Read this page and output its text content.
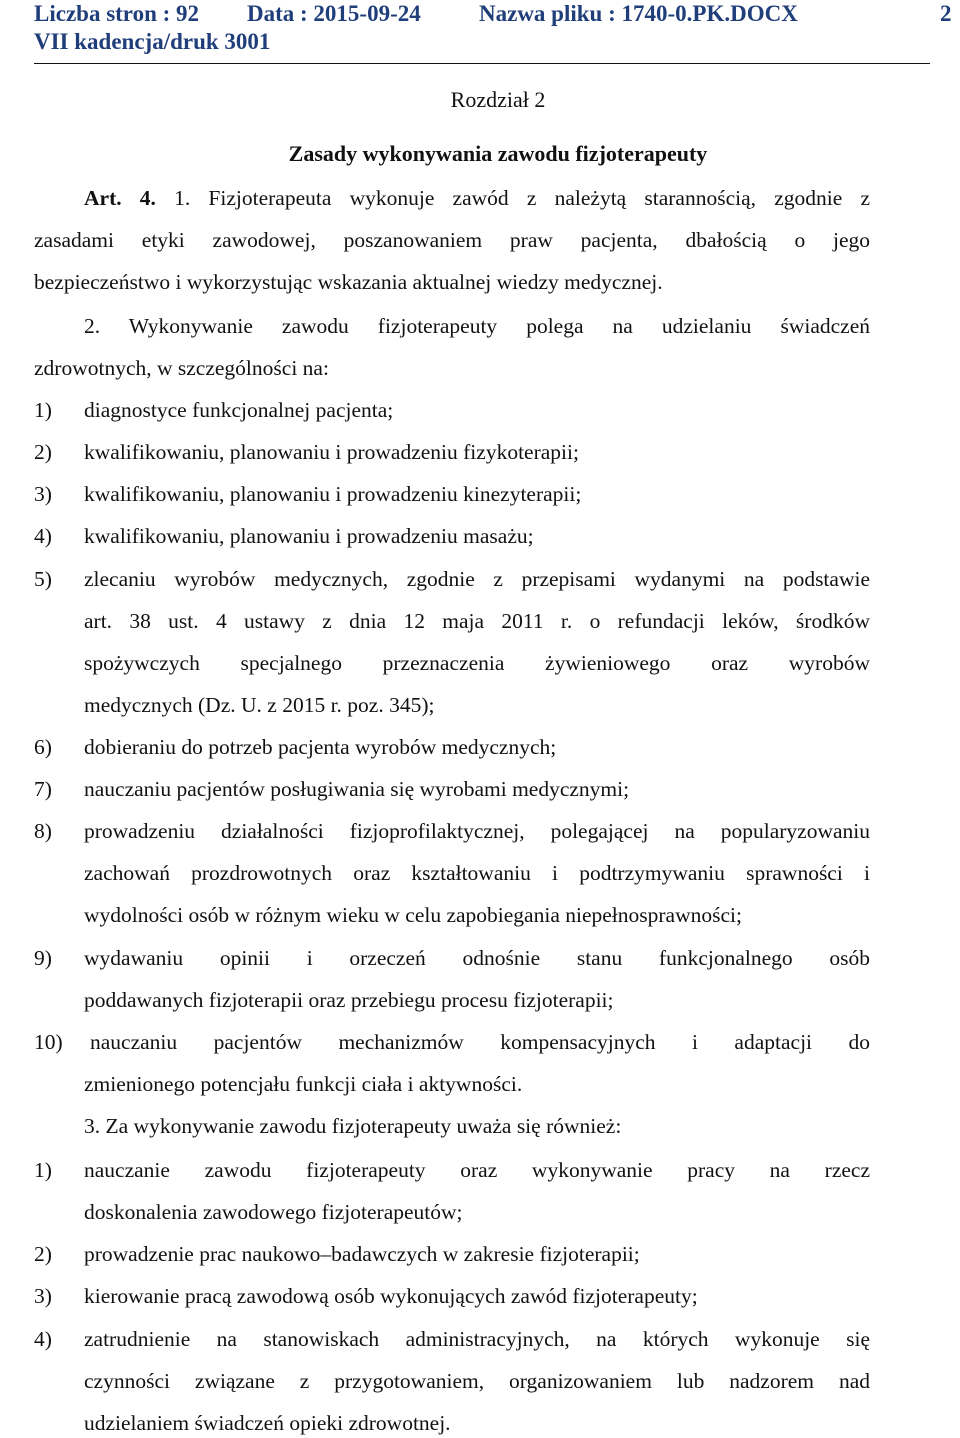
Liczba stron : 92 Data : 2015-09-24	Nazwa pliku : 1740-0.PK.DOCX	2
VII kadencja/druk 3001
Rozdział 2
Zasady wykonywania zawodu fizjoterapeuty
Art. 4. 1. Fizjoterapeuta wykonuje zawód z należytą starannością, zgodnie z
zasadami etyki zawodowej, poszanowaniem praw pacjenta, dbałością o jego
bezpieczeństwo i wykorzystując wskazania aktualnej wiedzy medycznej.
2. Wykonywanie zawodu fizjoterapeuty polega na udzielaniu świadczeń
zdrowotnych, w szczególności na:
1) diagnostyce funkcjonalnej pacjenta;
2) kwalifikowaniu, planowaniu i prowadzeniu fizykoterapii;
3) kwalifikowaniu, planowaniu i prowadzeniu kinezyterapii;
4) kwalifikowaniu, planowaniu i prowadzeniu masażu;
5) zlecaniu wyrobów medycznych, zgodnie z przepisami wydanymi na podstawie
art. 38 ust. 4 ustawy z dnia 12 maja 2011 r. o refundacji leków, środków
spożywczych specjalnego przeznaczenia żywieniowego oraz wyrobów
medycznych (Dz. U. z 2015 r. poz. 345);
6) dobieraniu do potrzeb pacjenta wyrobów medycznych;
7) nauczaniu pacjentów posługiwania się wyrobami medycznymi;
8) prowadzeniu działalności fizjoprofilaktycznej, polegającej na popularyzowaniu
zachowań prozdrowotnych oraz kształtowaniu i podtrzymywaniu sprawności i
wydolności osób w różnym wieku w celu zapobiegania niepełnosprawności;
9) wydawaniu opinii i orzeczeń odnośnie stanu funkcjonalnego osób
poddawanych fizjoterapii oraz przebiegu procesu fizjoterapii;
10) nauczaniu pacjentów mechanizmów kompensacyjnych i adaptacji do
zmienionego potencjału funkcji ciała i aktywności.
3. Za wykonywanie zawodu fizjoterapeuty uważa się również:
1) nauczanie zawodu fizjoterapeuty oraz wykonywanie pracy na rzecz
doskonalenia zawodowego fizjoterapeutów;
2) prowadzenie prac naukowo–badawczych w zakresie fizjoterapii;
3) kierowanie pracą zawodową osób wykonujących zawód fizjoterapeuty;
4) zatrudnienie na stanowiskach administracyjnych, na których wykonuje się
czynności związane z przygotowaniem, organizowaniem lub nadzorem nad
udzielaniem świadczeń opieki zdrowotnej.
